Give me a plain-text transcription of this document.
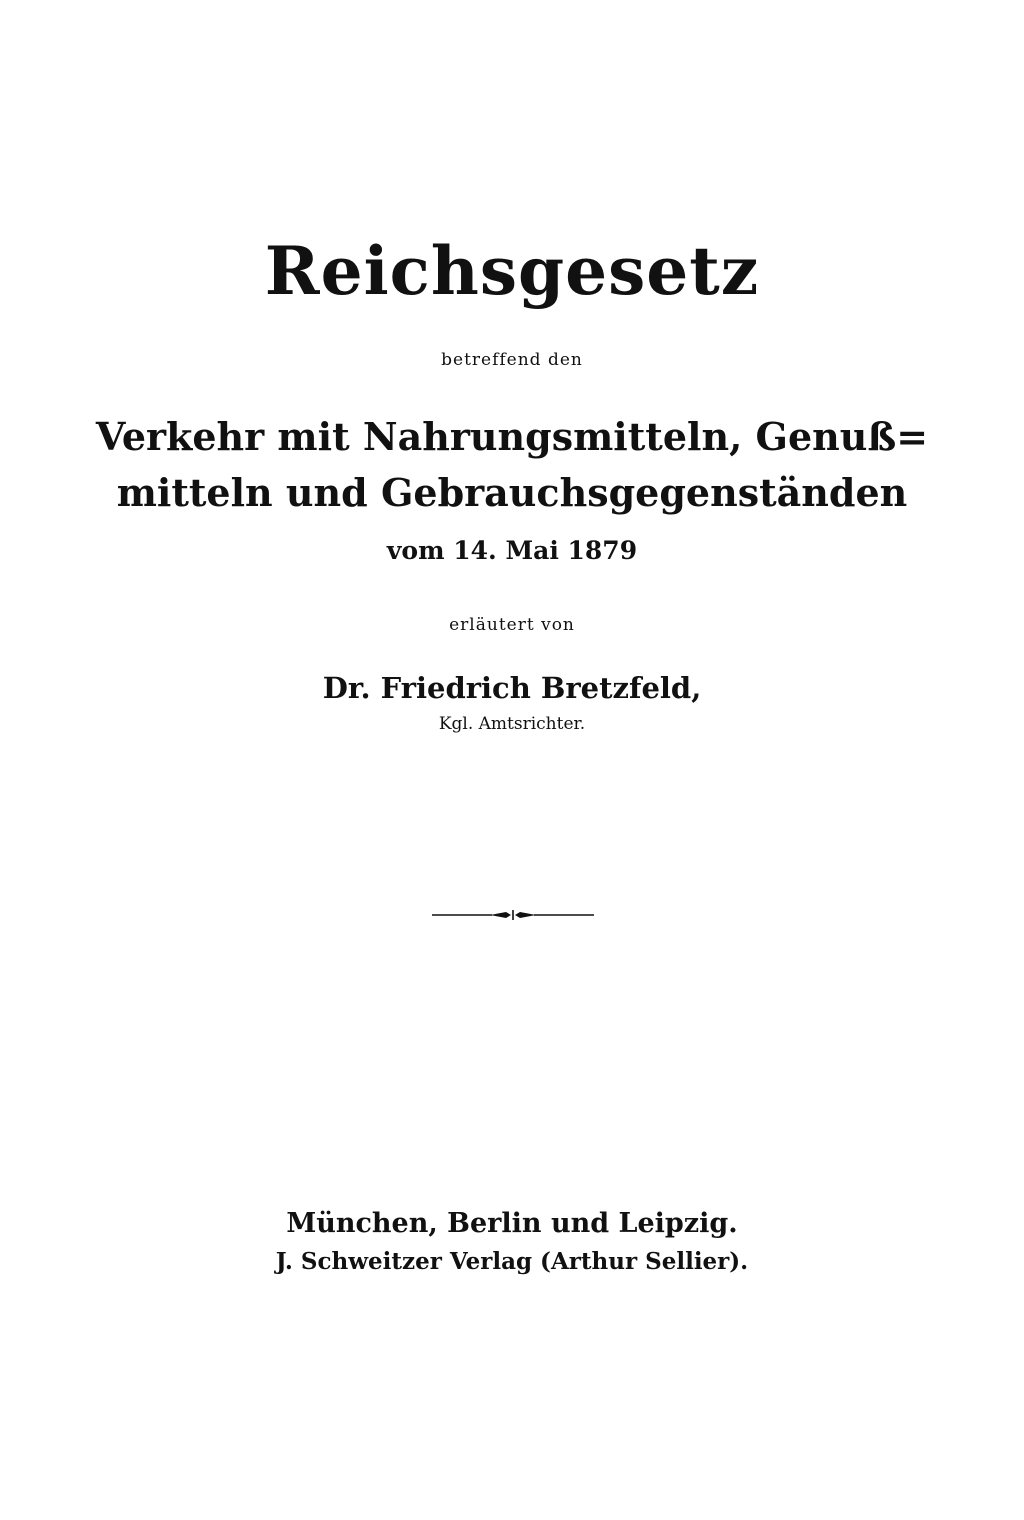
Reichsgesetz
betreffend den
Verkehr mit Nahrungsmitteln, Genuß=
mitteln und Gebrauchsgegenständen
vom 14. Mai 1879
erläutert von
Dr. Friedrich Bretzfeld,
Kgl. Amtsrichter.
München, Berlin und Leipzig.
J. Schweitzer Verlag (Arthur Sellier).
